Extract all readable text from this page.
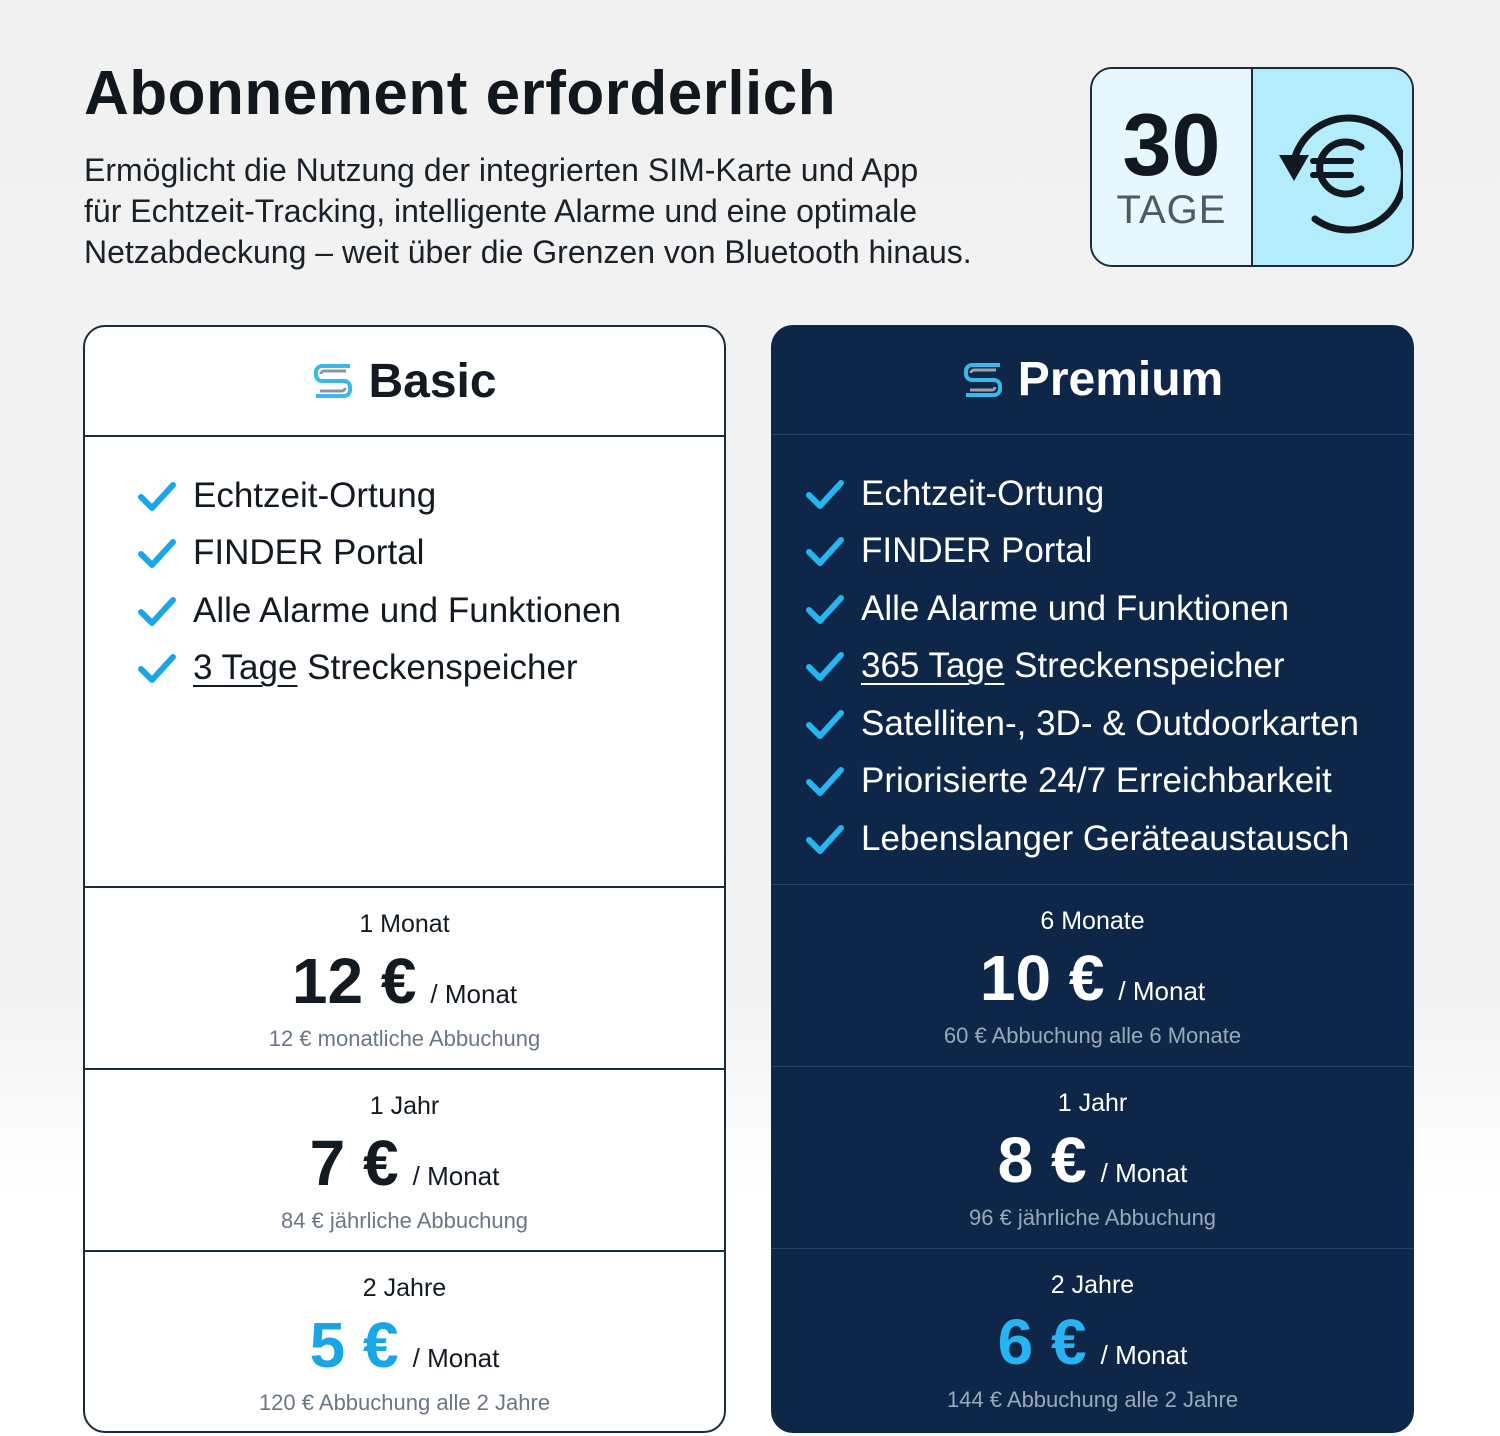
Abonnement erforderlich

Ermöglicht die Nutzung der integrierten SIM-Karte und App
für Echtzeit-Tracking, intelligente Alarme und eine optimale
Netzabdeckung – weit über die Grenzen von Bluetooth hinaus.

30
TAGE
Basic
Echtzeit-Ortung
FINDER Portal
Alle Alarme und Funktionen
3 Tage Streckenspeicher
1 Monat
12 € / Monat
12 € monatliche Abbuchung
1 Jahr
7 € / Monat
84 € jährliche Abbuchung
2 Jahre
5 € / Monat
120 € Abbuchung alle 2 Jahre
Premium
Echtzeit-Ortung
FINDER Portal
Alle Alarme und Funktionen
365 Tage Streckenspeicher
Satelliten-, 3D- & Outdoorkarten
Priorisierte 24/7 Erreichbarkeit
Lebenslanger Geräteaustausch
6 Monate
10 € / Monat
60 € Abbuchung alle 6 Monate
1 Jahr
8 € / Monat
96 € jährliche Abbuchung
2 Jahre
6 € / Monat
144 € Abbuchung alle 2 Jahre
